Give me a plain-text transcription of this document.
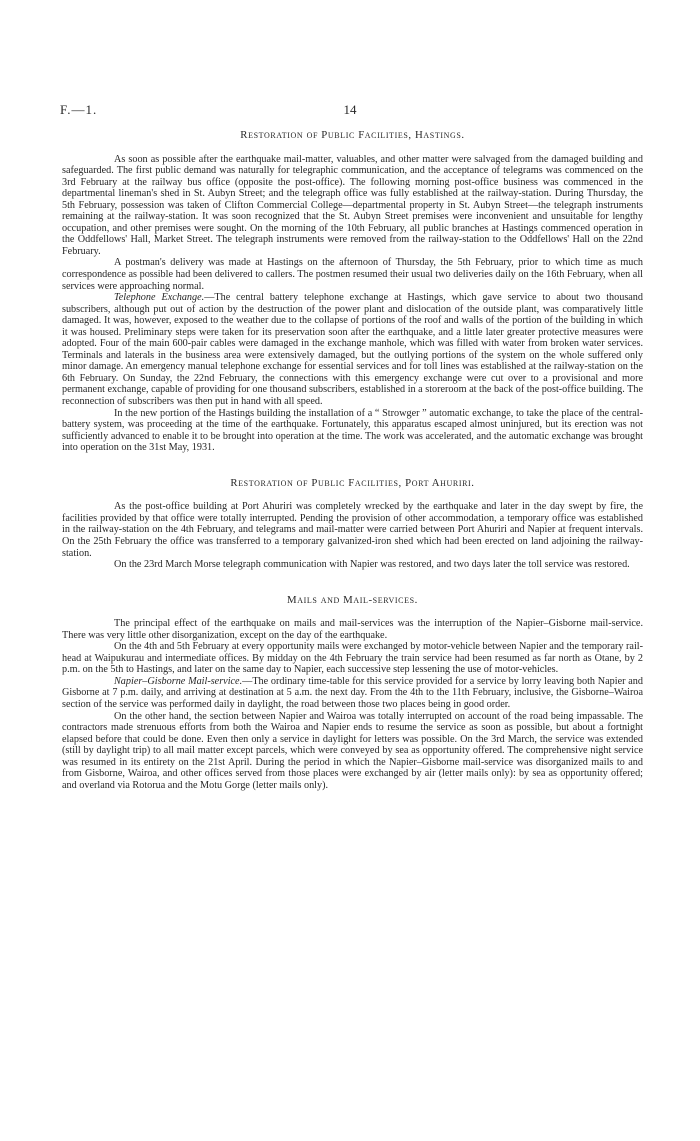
F.—1.	14
Restoration of Public Facilities, Hastings.

As soon as possible after the earthquake mail-matter, valuables, and other matter were salvaged from the damaged building and safeguarded. The first public demand was naturally for telegraphic communication, and the acceptance of telegrams was commenced on the 3rd February at the railway bus office (opposite the post-office). The following morning post-office business was commenced in the departmental lineman's shed in St. Aubyn Street; and the telegraph office was fully established at the railway-station. During Thursday, the 5th February, possession was taken of Clifton Commercial College—departmental property in St. Aubyn Street—the telegraph instruments remaining at the railway-station. It was soon recognized that the St. Aubyn Street premises were inconvenient and unsuitable for lengthy occupation, and other premises were sought. On the morning of the 10th February, all public branches at Hastings commenced operation in the Oddfellows' Hall, Market Street. The telegraph instruments were removed from the railway-station to the Oddfellows' Hall on the 22nd February.

A postman's delivery was made at Hastings on the afternoon of Thursday, the 5th February, prior to which time as much correspondence as possible had been delivered to callers. The postmen resumed their usual two deliveries daily on the 16th February, when all services were approaching normal.

Telephone Exchange.—The central battery telephone exchange at Hastings, which gave service to about two thousand subscribers, although put out of action by the destruction of the power plant and dislocation of the outside plant, was comparatively little damaged. It was, however, exposed to the weather due to the collapse of portions of the roof and walls of the portion of the building in which it was housed. Preliminary steps were taken for its preservation soon after the earthquake, and a little later greater protective measures were adopted. Four of the main 600-pair cables were damaged in the exchange manhole, which was filled with water from broken water services. Terminals and laterals in the business area were extensively damaged, but the outlying portions of the system on the whole suffered only minor damage. An emergency manual telephone exchange for essential services and for toll lines was established at the railway-station on the 6th February. On Sunday, the 22nd February, the connections with this emergency exchange were cut over to a provisional and more permanent exchange, capable of providing for one thousand subscribers, established in a storeroom at the back of the post-office building. The reconnection of subscribers was then put in hand with all speed.

In the new portion of the Hastings building the installation of a “ Strowger ” automatic exchange, to take the place of the central-battery system, was proceeding at the time of the earthquake. Fortunately, this apparatus escaped almost uninjured, but its erection was not sufficiently advanced to enable it to be brought into operation at the time. The work was accelerated, and the automatic exchange was brought into operation on the 31st May, 1931.

Restoration of Public Facilities, Port Ahuriri.

As the post-office building at Port Ahuriri was completely wrecked by the earthquake and later in the day swept by fire, the facilities provided by that office were totally interrupted. Pending the provision of other accommodation, a temporary office was established in the railway-station on the 4th February, and telegrams and mail-matter were carried between Port Ahuriri and Napier at frequent intervals. On the 25th February the office was transferred to a temporary galvanized-iron shed which had been erected on land adjoining the railway-station.

On the 23rd March Morse telegraph communication with Napier was restored, and two days later the toll service was restored.

Mails and Mail-services.

The principal effect of the earthquake on mails and mail-services was the interruption of the Napier–Gisborne mail-service. There was very little other disorganization, except on the day of the earthquake.

On the 4th and 5th February at every opportunity mails were exchanged by motor-vehicle between Napier and the temporary rail-head at Waipukurau and intermediate offices. By midday on the 4th February the train service had been resumed as far north as Otane, by 2 p.m. on the 5th to Hastings, and later on the same day to Napier, each successive step lessening the use of motor-vehicles.

Napier–Gisborne Mail-service.—The ordinary time-table for this service provided for a service by lorry leaving both Napier and Gisborne at 7 p.m. daily, and arriving at destination at 5 a.m. the next day. From the 4th to the 11th February, inclusive, the Gisborne–Wairoa section of the service was performed daily in daylight, the road between those two places being in good order.

On the other hand, the section between Napier and Wairoa was totally interrupted on account of the road being impassable. The contractors made strenuous efforts from both the Wairoa and Napier ends to resume the service as soon as possible, but about a fortnight elapsed before that could be done. Even then only a service in daylight for letters was possible. On the 3rd March, the service was extended (still by daylight trip) to all mail matter except parcels, which were conveyed by sea as opportunity offered. The comprehensive night service was resumed in its entirety on the 21st April. During the period in which the Napier–Gisborne mail-service was disorganized mails to and from Gisborne, Wairoa, and other offices served from those places were exchanged by air (letter mails only): by sea as opportunity offered; and overland via Rotorua and the Motu Gorge (letter mails only).
